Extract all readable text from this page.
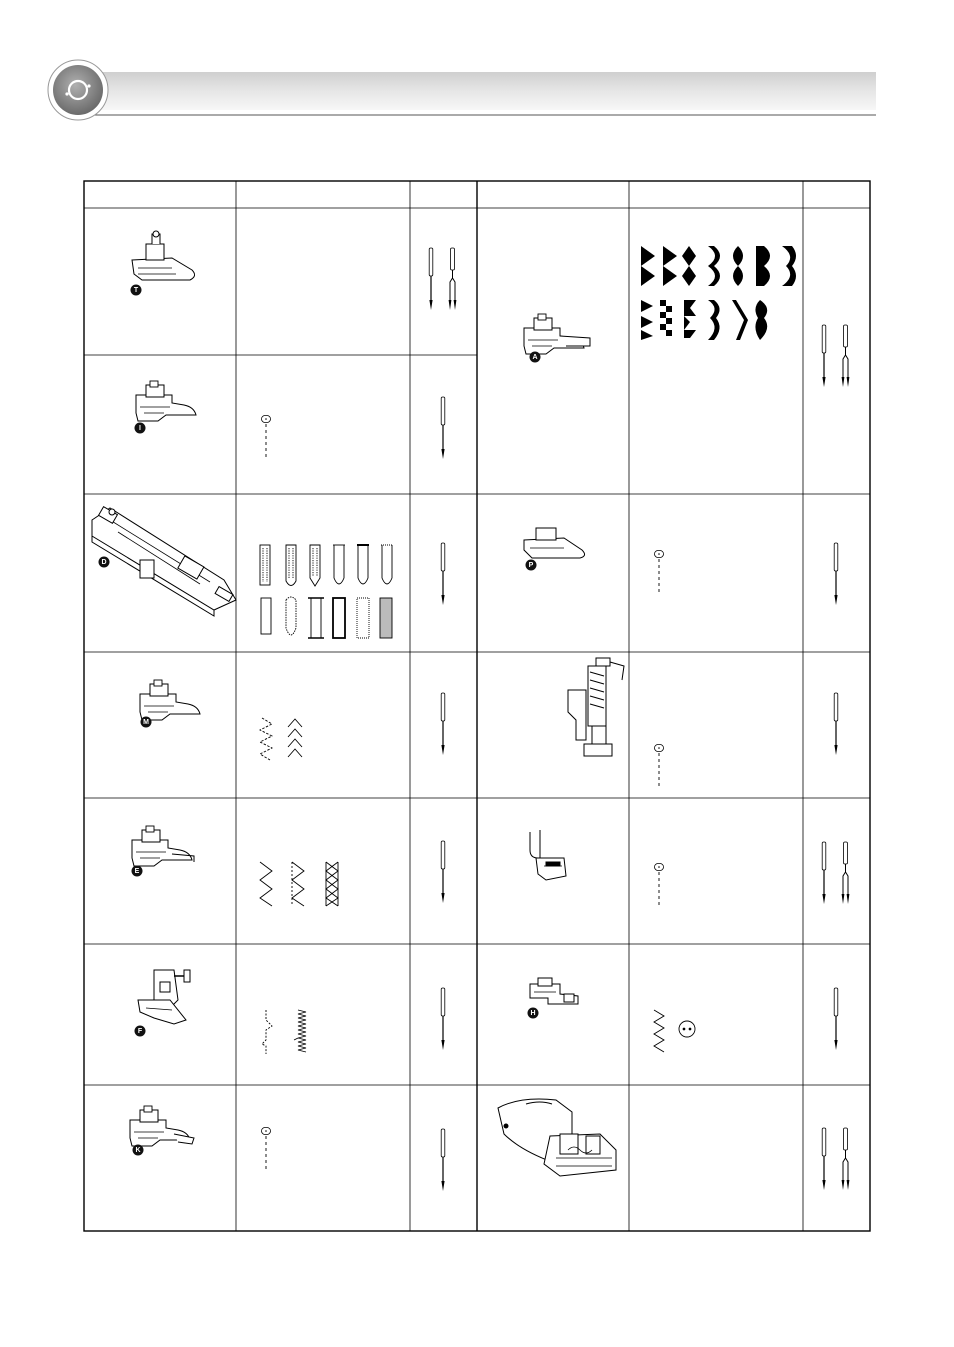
T
I
D
M
E
F
K
A
P
H
